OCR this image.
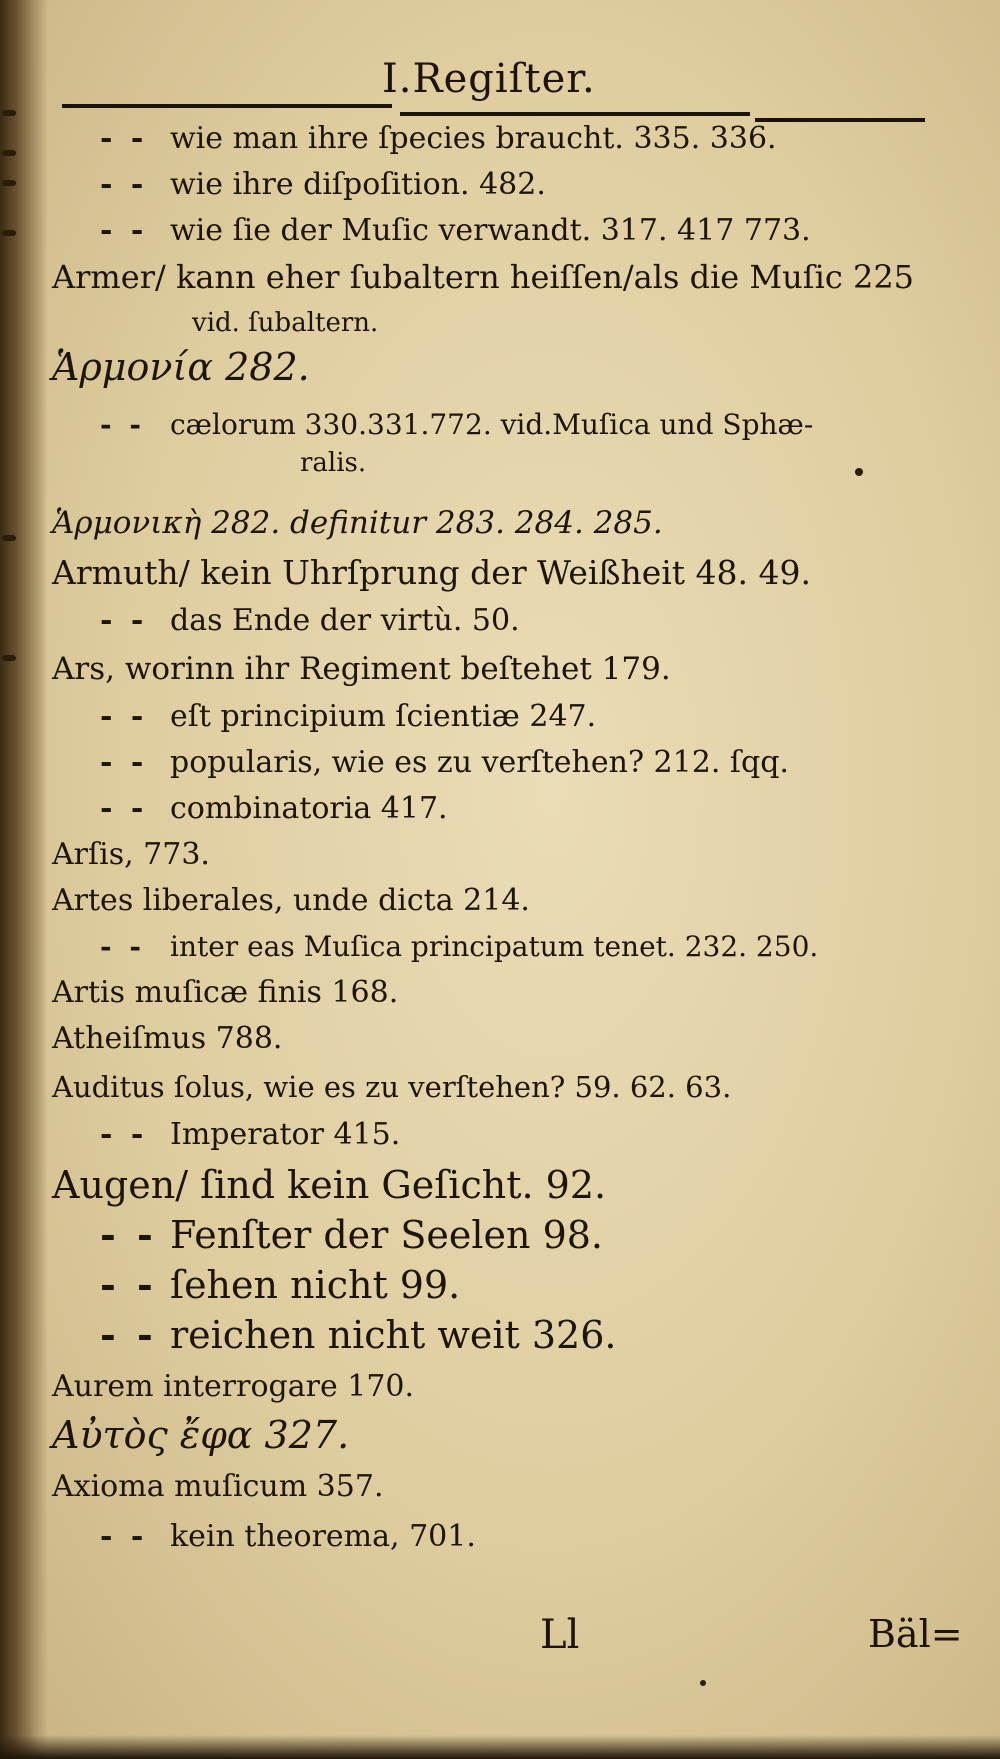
I.Regiſter.
- - wie man ihre ſpecies braucht. 335. 336.
- - wie ihre diſpoſition. 482.
- - wie ſie der Muſic verwandt. 317. 417 773.
Armer/ kann eher ſubaltern heiſſen/als die Muſic 225
vid. ſubaltern.
Ἁρμονία 282.
- - cælorum 330.331.772. vid.Muſica und Sphæ-
ralis.
Ἁρμονικὴ 282. definitur 283. 284. 285.
Armuth/ kein Uhrſprung der Weißheit 48. 49.
- - das Ende der virtù. 50.
Ars, worinn ihr Regiment beſtehet 179.
- - eſt principium ſcientiæ 247.
- - popularis, wie es zu verſtehen? 212. ſqq.
- - combinatoria 417.
Arſis, 773.
Artes liberales, unde dicta 214.
- - inter eas Muſica principatum tenet. 232. 250.
Artis muſicæ finis 168.
Atheiſmus 788.
Auditus ſolus, wie es zu verſtehen? 59. 62. 63.
- - Imperator 415.
Augen/ ſind kein Geſicht. 92.
- - Fenſter der Seelen 98.
- - ſehen nicht 99.
- - reichen nicht weit 326.
Aurem interrogare 170.
Αὐτὸς ἔφα 327.
Axioma muſicum 357.
- - kein theorema, 701.
Ll	Bäl=
